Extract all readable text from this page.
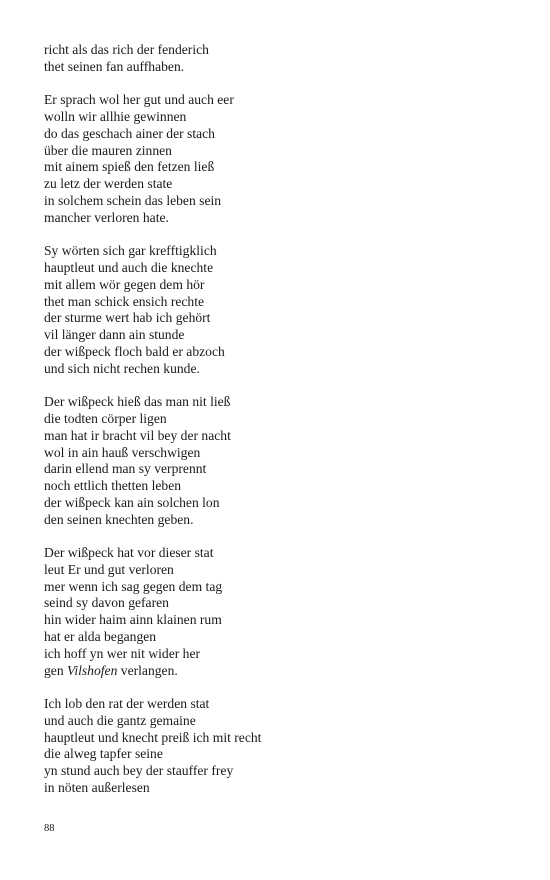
richt als das rich der fenderich
thet seinen fan auffhaben.
Er sprach wol her gut und auch eer
wolln wir allhie gewinnen
do das geschach ainer der stach
über die mauren zinnen
mit ainem spieß den fetzen ließ
zu letz der werden state
in solchem schein das leben sein
mancher verloren hate.
Sy wörten sich gar krefftigklich
hauptleut und auch die knechte
mit allem wör gegen dem hör
thet man schick ensich rechte
der sturme wert hab ich gehört
vil länger dann ain stunde
der wißpeck floch bald er abzoch
und sich nicht rechen kunde.
Der wißpeck hieß das man nit ließ
die todten cörper ligen
man hat ir bracht vil bey der nacht
wol in ain hauß verschwigen
darin ellend man sy verprennt
noch ettlich thetten leben
der wißpeck kan ain solchen lon
den seinen knechten geben.
Der wißpeck hat vor dieser stat
leut Er und gut verloren
mer wenn ich sag gegen dem tag
seind sy davon gefaren
hin wider haim ainn klainen rum
hat er alda begangen
ich hoff yn wer nit wider her
gen Vilshofen verlangen.
Ich lob den rat der werden stat
und auch die gantz gemaine
hauptleut und knecht preiß ich mit recht
die alweg tapfer seine
yn stund auch bey der stauffer frey
in nöten außerlesen
88
